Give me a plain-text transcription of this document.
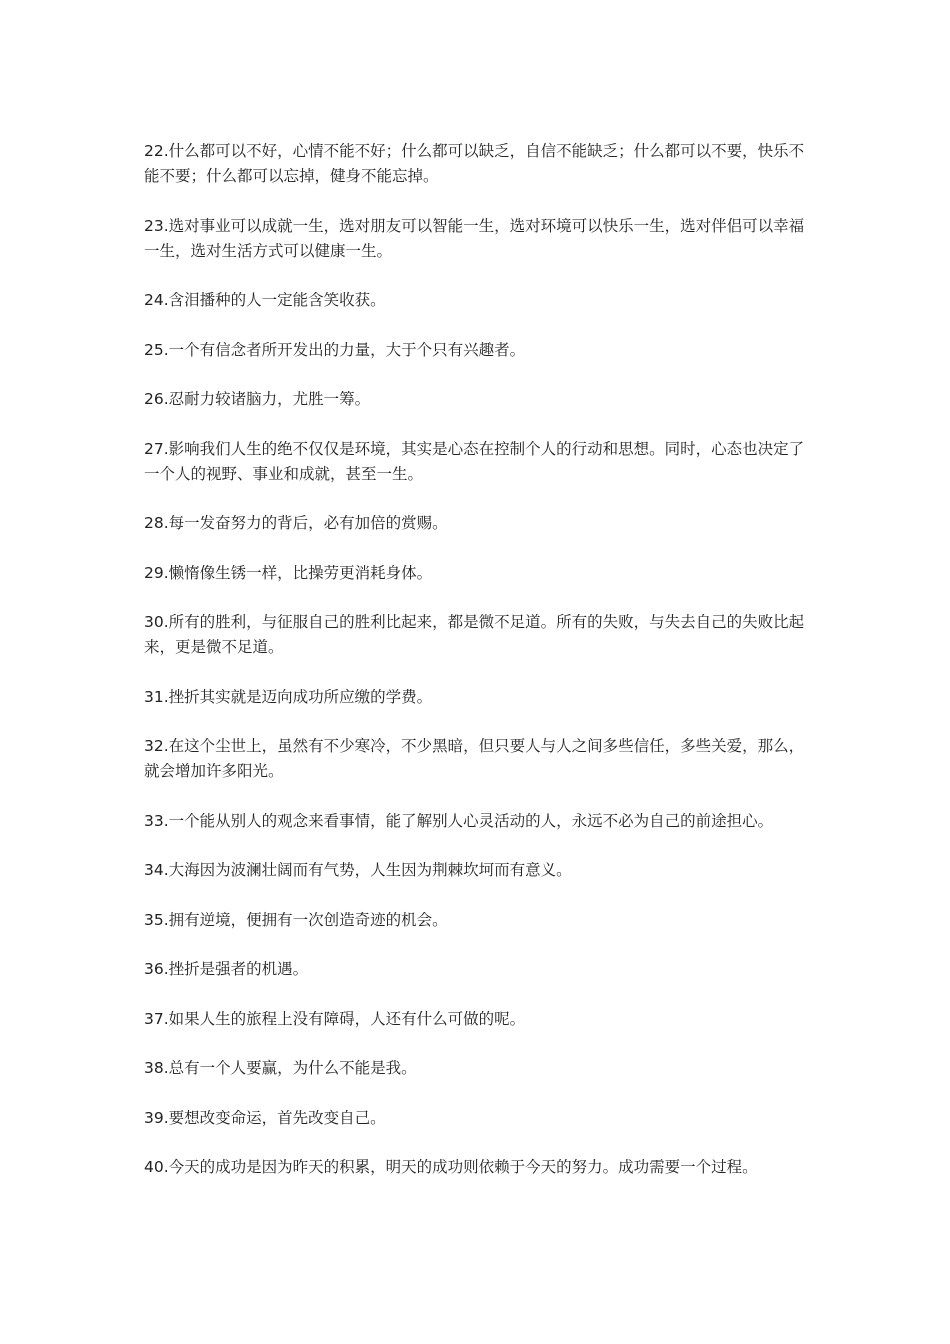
22.什么都可以不好，心情不能不好；什么都可以缺乏，自信不能缺乏；什么都可以不要，快乐不能不要；什么都可以忘掉，健身不能忘掉。

23.选对事业可以成就一生，选对朋友可以智能一生，选对环境可以快乐一生，选对伴侣可以幸福一生，选对生活方式可以健康一生。

24.含泪播种的人一定能含笑收获。

25.一个有信念者所开发出的力量，大于个只有兴趣者。

26.忍耐力较诸脑力，尤胜一筹。

27.影响我们人生的绝不仅仅是环境，其实是心态在控制个人的行动和思想。同时，心态也决定了一个人的视野、事业和成就，甚至一生。

28.每一发奋努力的背后，必有加倍的赏赐。

29.懒惰像生锈一样，比操劳更消耗身体。

30.所有的胜利，与征服自己的胜利比起来，都是微不足道。所有的失败，与失去自己的失败比起来，更是微不足道。

31.挫折其实就是迈向成功所应缴的学费。

32.在这个尘世上，虽然有不少寒冷，不少黑暗，但只要人与人之间多些信任，多些关爱，那么，就会增加许多阳光。

33.一个能从别人的观念来看事情，能了解别人心灵活动的人，永远不必为自己的前途担心。

34.大海因为波澜壮阔而有气势，人生因为荆棘坎坷而有意义。

35.拥有逆境，便拥有一次创造奇迹的机会。

36.挫折是强者的机遇。

37.如果人生的旅程上没有障碍，人还有什么可做的呢。

38.总有一个人要赢，为什么不能是我。

39.要想改变命运，首先改变自己。

40.今天的成功是因为昨天的积累，明天的成功则依赖于今天的努力。成功需要一个过程。
